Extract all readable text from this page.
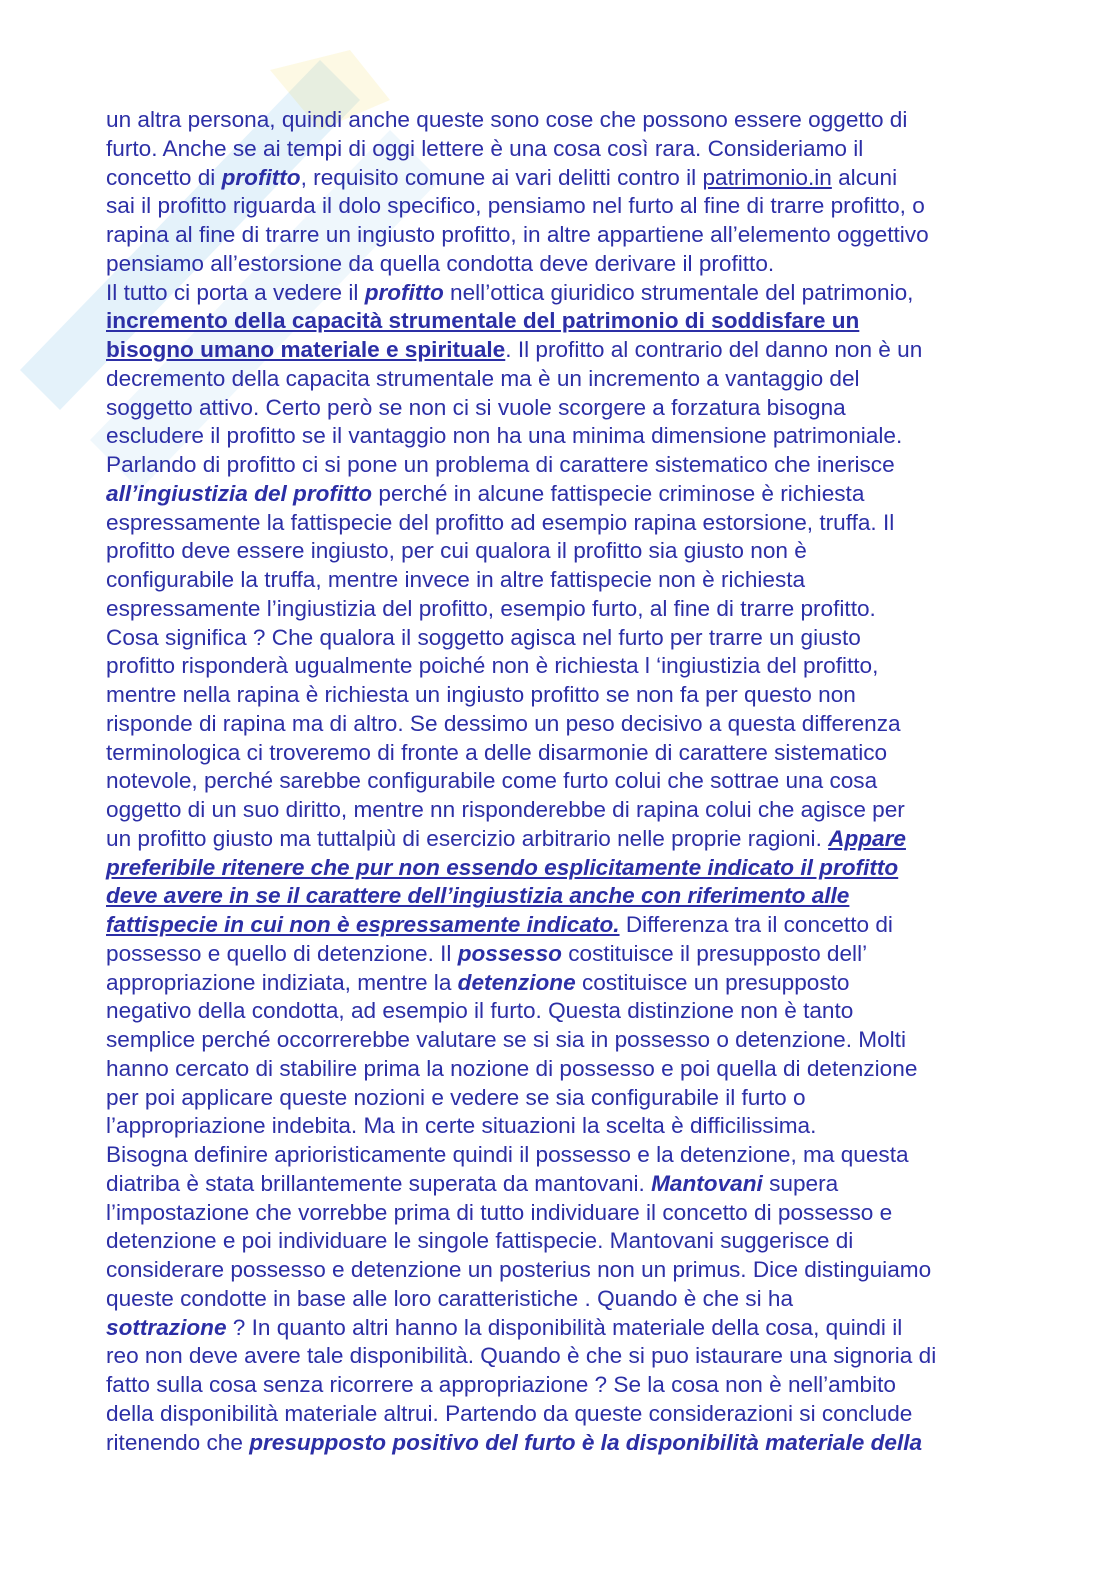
un altra persona, quindi anche queste sono cose che possono essere oggetto di
furto. Anche se ai tempi di oggi lettere è una cosa così rara. Consideriamo il
concetto di profitto, requisito comune ai vari delitti contro il patrimonio.in alcuni
sai il profitto riguarda il dolo specifico, pensiamo nel furto al fine di trarre profitto, o
rapina al fine di trarre un ingiusto profitto, in altre appartiene all’elemento oggettivo
pensiamo all’estorsione da quella condotta deve derivare il profitto.
Il tutto ci porta a vedere il profitto nell’ottica giuridico strumentale del patrimonio,
incremento della capacità strumentale del patrimonio di soddisfare un
bisogno umano materiale e spirituale. Il profitto al contrario del danno non è un
decremento della capacita strumentale ma è un incremento a vantaggio del
soggetto attivo. Certo però se non ci si vuole scorgere a forzatura bisogna
escludere il profitto se il vantaggio non ha una minima dimensione patrimoniale.
Parlando di profitto ci si pone un problema di carattere sistematico che inerisce
all’ingiustizia del profitto perché in alcune fattispecie criminose è richiesta
espressamente la fattispecie del profitto ad esempio rapina estorsione, truffa. Il
profitto deve essere ingiusto, per cui qualora il profitto sia giusto non è
configurabile la truffa, mentre invece in altre fattispecie non è richiesta
espressamente l’ingiustizia del profitto, esempio furto, al fine di trarre profitto.
Cosa significa ? Che qualora il soggetto agisca nel furto per trarre un giusto
profitto risponderà ugualmente poiché non è richiesta l ‘ingiustizia del profitto,
mentre nella rapina è richiesta un ingiusto profitto se non fa per questo non
risponde di rapina ma di altro. Se dessimo un peso decisivo a questa differenza
terminologica ci troveremo di fronte a delle disarmonie di carattere sistematico
notevole, perché sarebbe configurabile come furto colui che sottrae una cosa
oggetto di un suo diritto, mentre nn risponderebbe di rapina colui che agisce per
un profitto giusto ma tuttalpiù di esercizio arbitrario nelle proprie ragioni. Appare
preferibile ritenere che pur non essendo esplicitamente indicato il profitto
deve avere in se il carattere dell’ingiustizia anche con riferimento alle
fattispecie in cui non è espressamente indicato. Differenza tra il concetto di
possesso e quello di detenzione. Il possesso costituisce il presupposto dell’
appropriazione indiziata, mentre la detenzione costituisce un presupposto
negativo della condotta, ad esempio il furto. Questa distinzione non è tanto
semplice perché occorrerebbe valutare se si sia in possesso o detenzione. Molti
hanno cercato di stabilire prima la nozione di possesso e poi quella di detenzione
per poi applicare queste nozioni e vedere se sia configurabile il furto o
l’appropriazione indebita. Ma in certe situazioni la scelta è difficilissima.
Bisogna definire aprioristicamente quindi il possesso e la detenzione, ma questa
diatriba è stata brillantemente superata da mantovani. Mantovani supera
l’impostazione che vorrebbe prima di tutto individuare il concetto di possesso e
detenzione e poi individuare le singole fattispecie. Mantovani suggerisce di
considerare possesso e detenzione un posterius non un primus. Dice distinguiamo
queste condotte in base alle loro caratteristiche . Quando è che si ha
sottrazione ? In quanto altri hanno la disponibilità materiale della cosa, quindi il
reo non deve avere tale disponibilità. Quando è che si puo istaurare una signoria di
fatto sulla cosa senza ricorrere a appropriazione ? Se la cosa non è nell’ambito
della disponibilità materiale altrui. Partendo da queste considerazioni si conclude
ritenendo che presupposto positivo del furto è la disponibilità materiale della
